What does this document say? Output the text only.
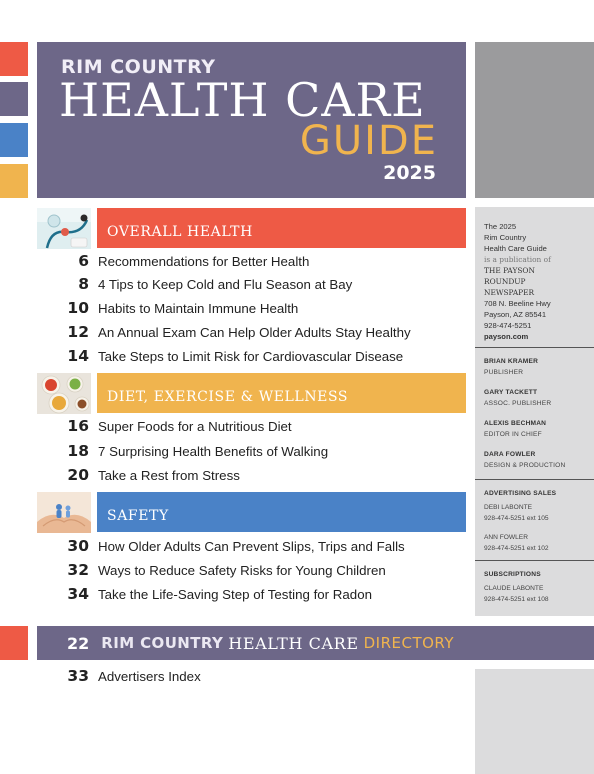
RIM COUNTRY
HEALTH CARE
GUIDE
2025
The 2025
Rim Country
Health Care Guide
is a publication of
THE PAYSON
ROUNDUP
NEWSPAPER
708 N. Beeline Hwy
Payson, AZ 85541
928-474-5251
payson.com
BRIAN KRAMER
PUBLISHER
GARY TACKETT
ASSOC. PUBLISHER
ALEXIS BECHMAN
EDITOR IN CHIEF
DARA FOWLER
DESIGN & PRODUCTION
ADVERTISING SALES
DEBI LABONTE
928-474-5251 ext 105
ANN FOWLER
928-474-5251 ext 102
SUBSCRIPTIONS
CLAUDE LABONTE
928-474-5251 ext 108
OVERALL HEALTH
6 Recommendations for Better Health
8 4 Tips to Keep Cold and Flu Season at Bay
10 Habits to Maintain Immune Health
12 An Annual Exam Can Help Older Adults Stay Healthy
14 Take Steps to Limit Risk for Cardiovascular Disease
DIET, EXERCISE & WELLNESS
16 Super Foods for a Nutritious Diet
18 7 Surprising Health Benefits of Walking
20 Take a Rest from Stress
SAFETY
30 How Older Adults Can Prevent Slips, Trips and Falls
32 Ways to Reduce Safety Risks for Young Children
34 Take the Life-Saving Step of Testing for Radon
22 RIM COUNTRY HEALTH CARE DIRECTORY
33 Advertisers Index
